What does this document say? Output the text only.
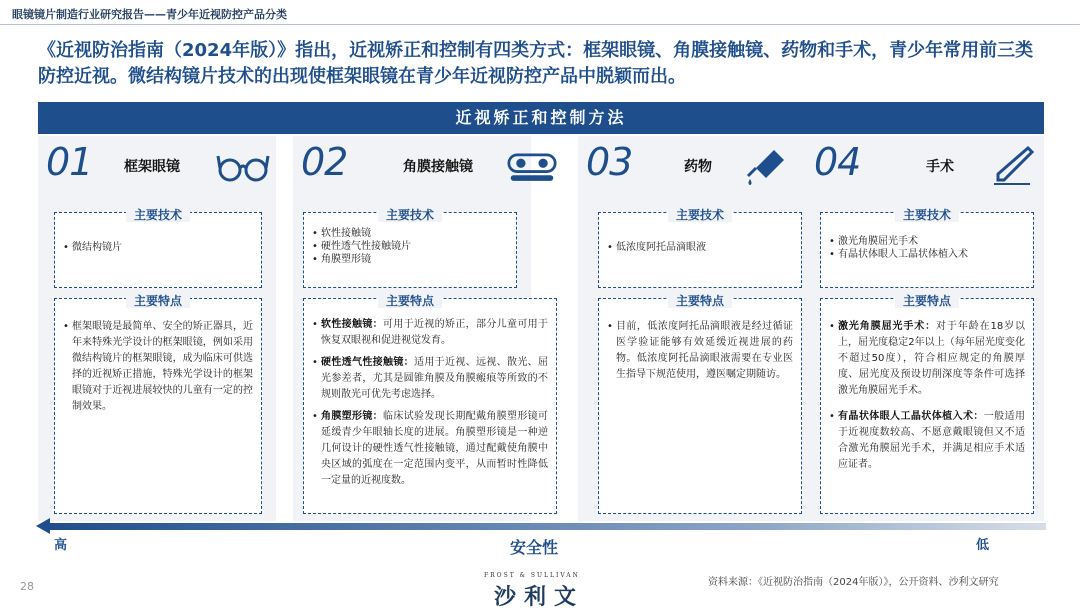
眼镜镜片制造行业研究报告——青少年近视防控产品分类
《近视防治指南（2024年版）》指出，近视矫正和控制有四类方式：框架眼镜、角膜接触镜、药物和手术，青少年常用前三类防控近视。微结构镜片技术的出现使框架眼镜在青少年近视防控产品中脱颖而出。
近视矫正和控制方法
01 框架眼镜
主要技术
• 微结构镜片
主要特点
• 框架眼镜是最简单、安全的矫正器具，近年来特殊光学设计的框架眼镜，例如采用微结构镜片的框架眼镜，成为临床可供选择的近视矫正措施，特殊光学设计的框架眼镜对于近视进展较快的儿童有一定的控制效果。
02	角膜接触镜
主要技术
• 软性接触镜
• 硬性透气性接触镜片
• 角膜塑形镜
主要特点
• 软性接触镜：可用于近视的矫正，部分儿童可用于恢复双眼视和促进视觉发育。
• 硬性透气性接触镜：适用于近视、远视、散光、屈光参差者，尤其是圆锥角膜及角膜瘢痕等所致的不规则散光可优先考虑选择。
• 角膜塑形镜：临床试验发现长期配戴角膜塑形镜可延缓青少年眼轴长度的进展。角膜塑形镜是一种逆几何设计的硬性透气性接触镜，通过配戴使角膜中央区域的弧度在一定范围内变平，从而暂时性降低一定量的近视度数。
03	药物
主要技术
• 低浓度阿托品滴眼液
主要特点
• 目前，低浓度阿托品滴眼液是经过循证医学验证能够有效延缓近视进展的药物。低浓度阿托品滴眼液需要在专业医生指导下规范使用，遵医嘱定期随访。
04	手术
主要技术
• 激光角膜屈光手术
• 有晶状体眼人工晶状体植入术
主要特点
• 激光角膜屈光手术：对于年龄在18岁以上，屈光度稳定2年以上（每年屈光度变化不超过50度），符合相应规定的角膜厚度、屈光度及预设切削深度等条件可选择激光角膜屈光手术。
• 有晶状体眼人工晶状体植入术：一般适用于近视度数较高、不愿意戴眼镜但又不适合激光角膜屈光手术，并满足相应手术适应证者。
高	安全性	低
28
FROST & SULLIVAN
沙利文
资料来源：《近视防治指南（2024年版）》，公开资料、沙利文研究
